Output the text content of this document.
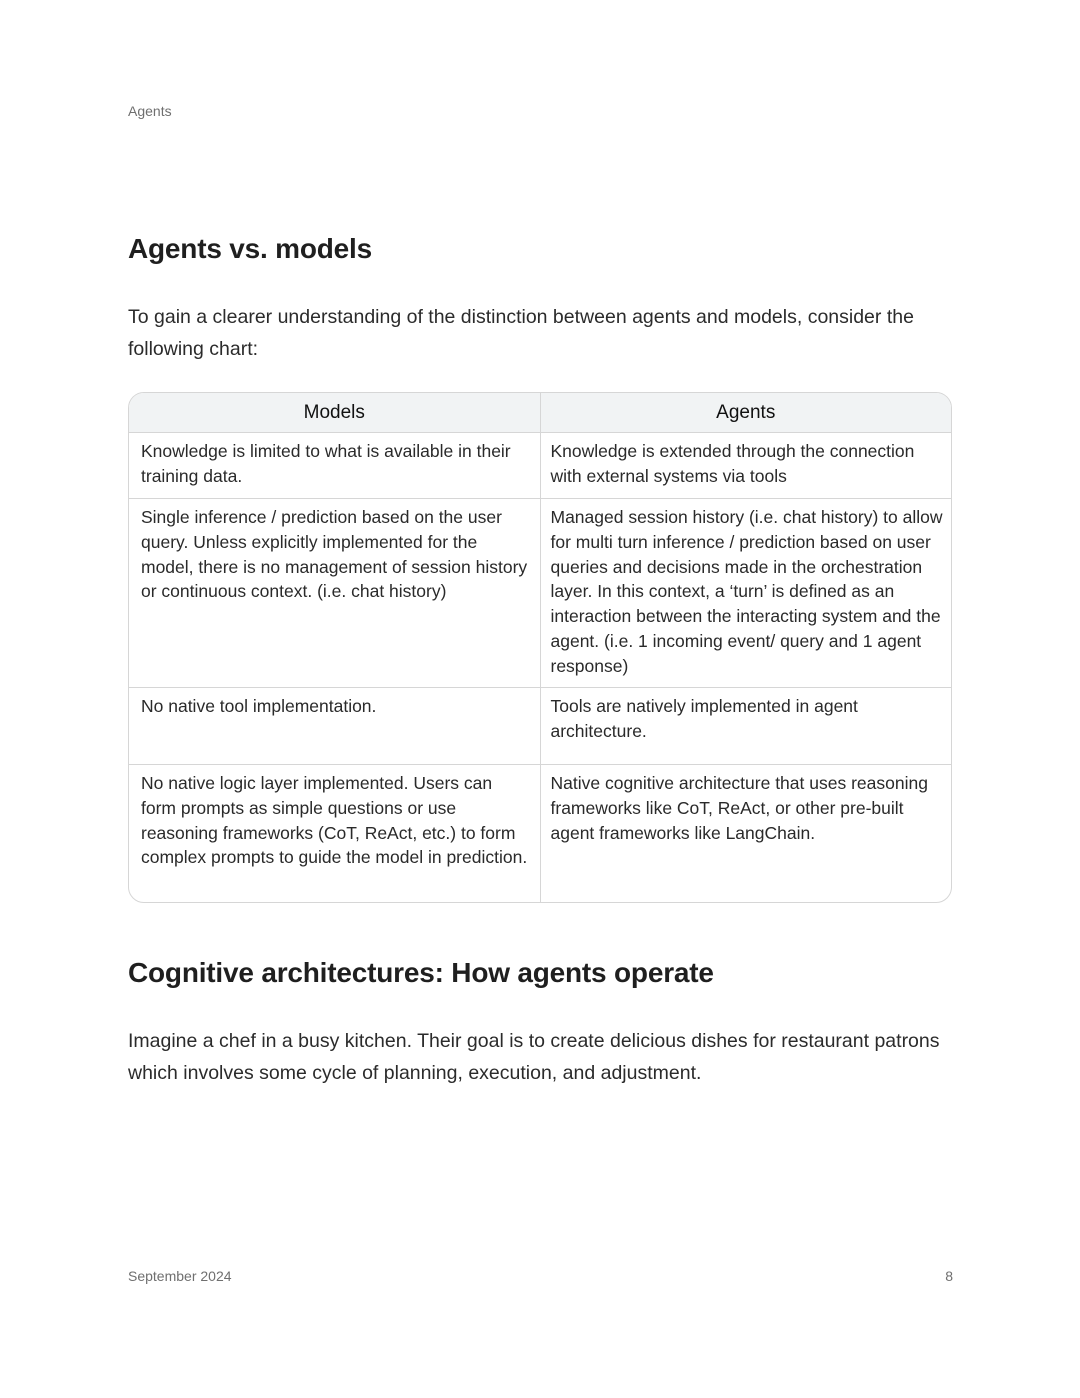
Agents
Agents vs. models

To gain a clearer understanding of the distinction between agents and models, consider the following chart:

Models	Agents
Knowledge is limited to what is available in their training data.	Knowledge is extended through the connection with external systems via tools
Single inference / prediction based on the user query. Unless explicitly implemented for the model, there is no management of session history or continuous context. (i.e. chat history)	Managed session history (i.e. chat history) to allow for multi turn inference / prediction based on user queries and decisions made in the orchestration layer. In this context, a ‘turn’ is defined as an interaction between the interacting system and the agent. (i.e. 1 incoming event/ query and 1 agent response)
No native tool implementation.	Tools are natively implemented in agent architecture.
No native logic layer implemented. Users can form prompts as simple questions or use reasoning frameworks (CoT, ReAct, etc.) to form complex prompts to guide the model in prediction.	Native cognitive architecture that uses reasoning frameworks like CoT, ReAct, or other pre-built agent frameworks like LangChain.
Cognitive architectures: How agents operate

Imagine a chef in a busy kitchen. Their goal is to create delicious dishes for restaurant patrons which involves some cycle of planning, execution, and adjustment.

September 2024	8
